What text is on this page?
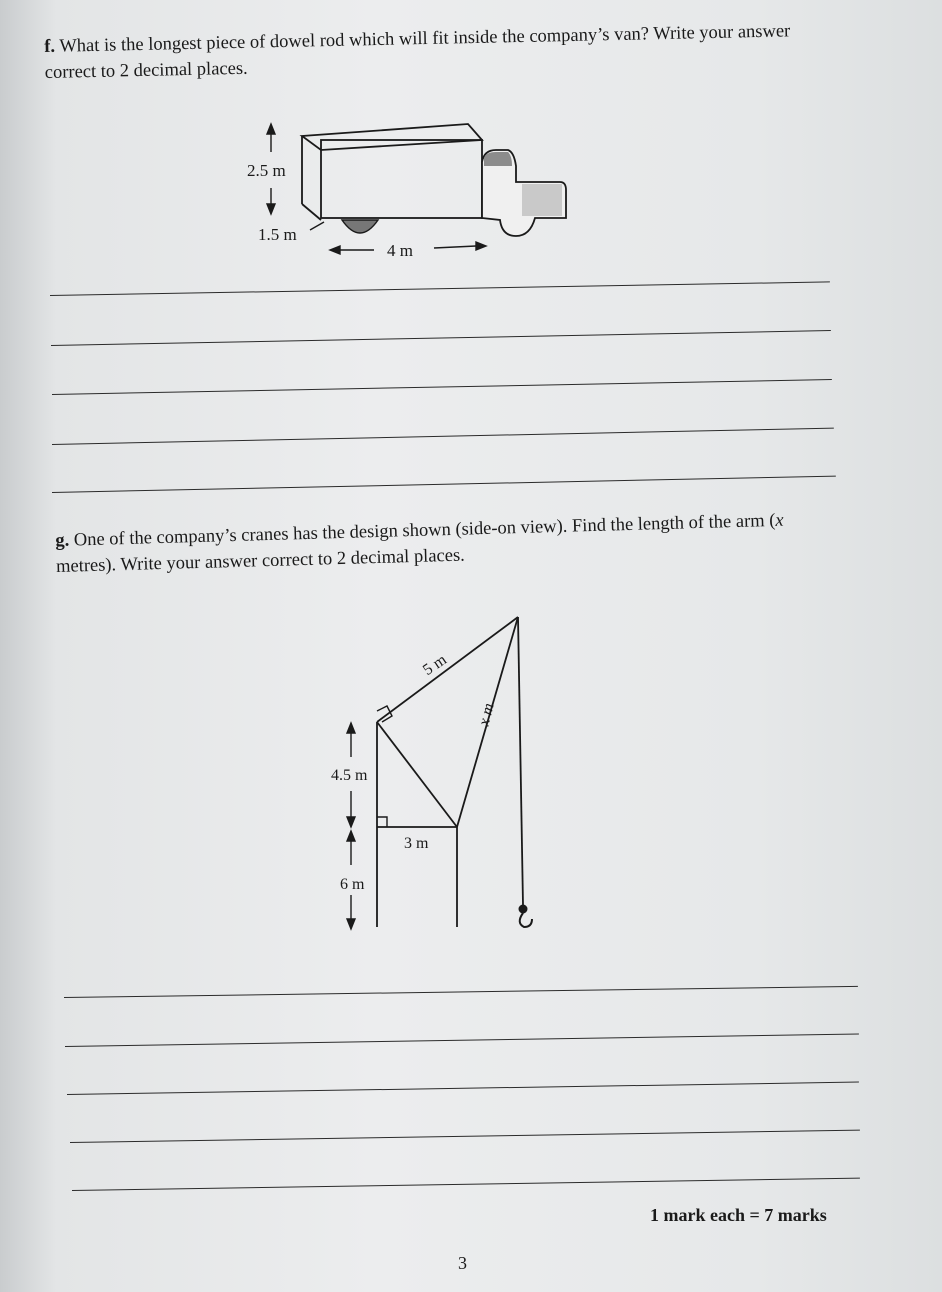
f. What is the longest piece of dowel rod which will fit inside the company’s van? Write your answer correct to 2 decimal places.
2.5 m
1.5 m
4 m
g. One of the company’s cranes has the design shown (side-on view). Find the length of the arm (x metres). Write your answer correct to 2 decimal places.
5 m
x m
4.5 m
3 m
6 m
1 mark each = 7 marks
3
